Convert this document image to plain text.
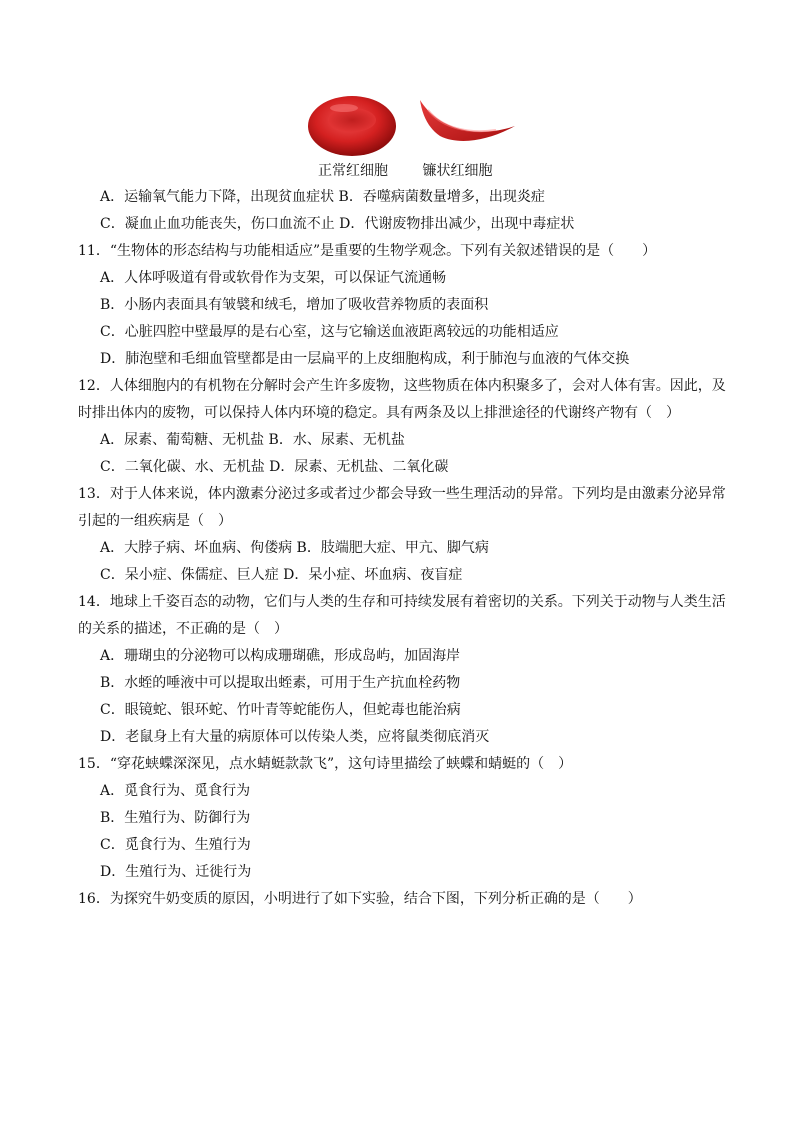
正常红细胞 镰状红细胞
A．运输氧气能力下降，出现贫血症状 B．吞噬病菌数量增多，出现炎症
C．凝血止血功能丧失，伤口血流不止 D．代谢废物排出减少，出现中毒症状
11．“生物体的形态结构与功能相适应”是重要的生物学观念。下列有关叙述错误的是（　　）
A．人体呼吸道有骨或软骨作为支架，可以保证气流通畅
B．小肠内表面具有皱襞和绒毛，增加了吸收营养物质的表面积
C．心脏四腔中壁最厚的是右心室，这与它输送血液距离较远的功能相适应
D．肺泡壁和毛细血管壁都是由一层扁平的上皮细胞构成，利于肺泡与血液的气体交换
12．人体细胞内的有机物在分解时会产生许多废物，这些物质在体内积聚多了，会对人体有害。因此，及
时排出体内的废物，可以保持人体内环境的稳定。具有两条及以上排泄途径的代谢终产物有（　）
A．尿素、葡萄糖、无机盐 B．水、尿素、无机盐
C．二氧化碳、水、无机盐 D．尿素、无机盐、二氧化碳
13．对于人体来说，体内激素分泌过多或者过少都会导致一些生理活动的异常。下列均是由激素分泌异常
引起的一组疾病是（　）
A．大脖子病、坏血病、佝偻病 B．肢端肥大症、甲亢、脚气病
C．呆小症、侏儒症、巨人症 D．呆小症、坏血病、夜盲症
14．地球上千姿百态的动物，它们与人类的生存和可持续发展有着密切的关系。下列关于动物与人类生活
的关系的描述，不正确的是（　）
A．珊瑚虫的分泌物可以构成珊瑚礁，形成岛屿，加固海岸
B．水蛭的唾液中可以提取出蛭素，可用于生产抗血栓药物
C．眼镜蛇、银环蛇、竹叶青等蛇能伤人，但蛇毒也能治病
D．老鼠身上有大量的病原体可以传染人类，应将鼠类彻底消灭
15．“穿花蛱蝶深深见，点水蜻蜓款款飞”，这句诗里描绘了蛱蝶和蜻蜓的（　）
A．觅食行为、觅食行为
B．生殖行为、防御行为
C．觅食行为、生殖行为
D．生殖行为、迁徙行为
16．为探究牛奶变质的原因，小明进行了如下实验，结合下图，下列分析正确的是（　　）
